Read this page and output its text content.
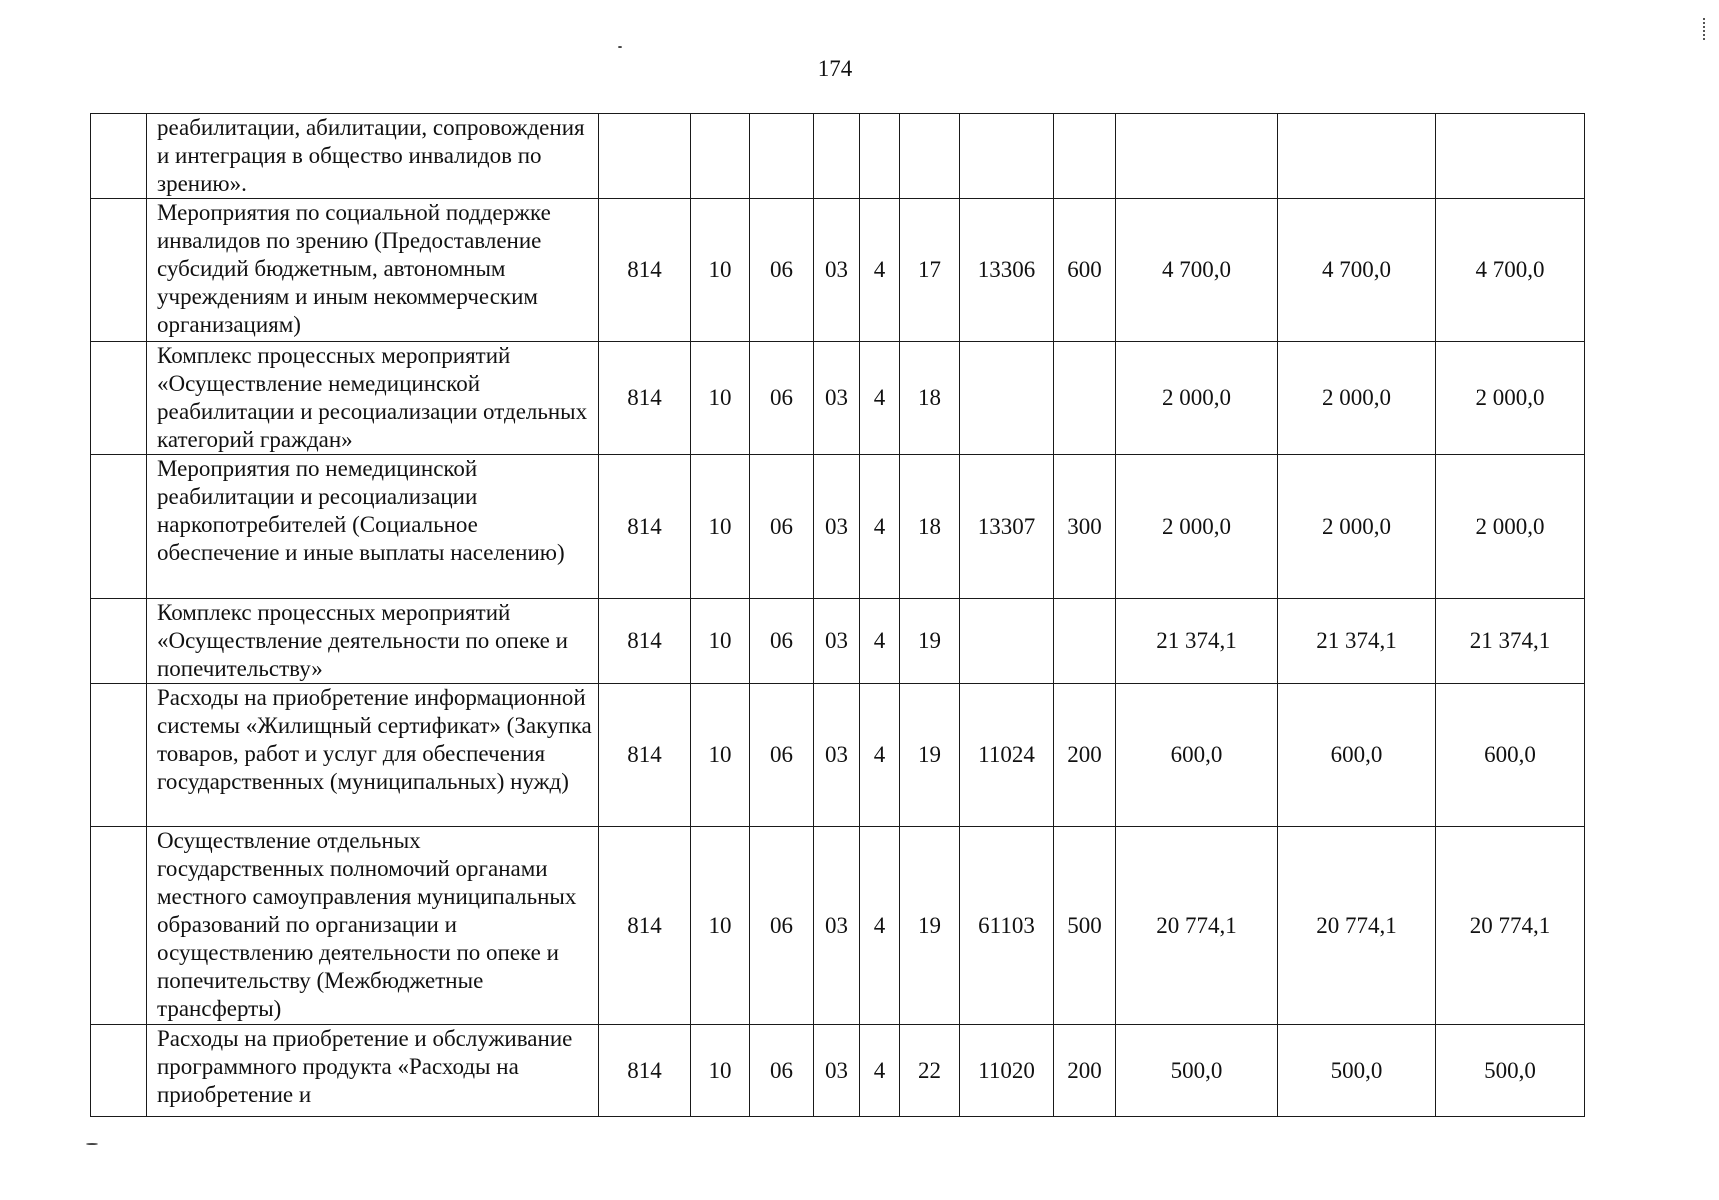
174
	реабилитации, абилитации, сопровождения и интеграция в общество инвалидов по зрению».											
	Мероприятия по социальной поддержке инвалидов по зрению (Предоставление субсидий бюджетным, автономным учреждениям и иным некоммерческим организациям)	814	10	06	03	4	17	13306	600	4 700,0	4 700,0	4 700,0
	Комплекс процессных мероприятий «Осуществление немедицинской реабилитации и ресоциализации отдельных категорий граждан»	814	10	06	03	4	18			2 000,0	2 000,0	2 000,0
	Мероприятия по немедицинской реабилитации и ресоциализации наркопотребителей (Социальное обеспечение и иные выплаты населению)	814	10	06	03	4	18	13307	300	2 000,0	2 000,0	2 000,0
	Комплекс процессных мероприятий «Осуществление деятельности по опеке и попечительству»	814	10	06	03	4	19			21 374,1	21 374,1	21 374,1
	Расходы на приобретение информационной системы «Жилищный сертификат» (Закупка товаров, работ и услуг для обеспечения государственных (муниципальных) нужд)	814	10	06	03	4	19	11024	200	600,0	600,0	600,0
	Осуществление отдельных государственных полномочий органами местного самоуправления муниципальных образований по организации и осуществлению деятельности по опеке и попечительству (Межбюджетные трансферты)	814	10	06	03	4	19	61103	500	20 774,1	20 774,1	20 774,1
	Расходы на приобретение и обслуживание программного продукта «Расходы на приобретение и	814	10	06	03	4	22	11020	200	500,0	500,0	500,0
